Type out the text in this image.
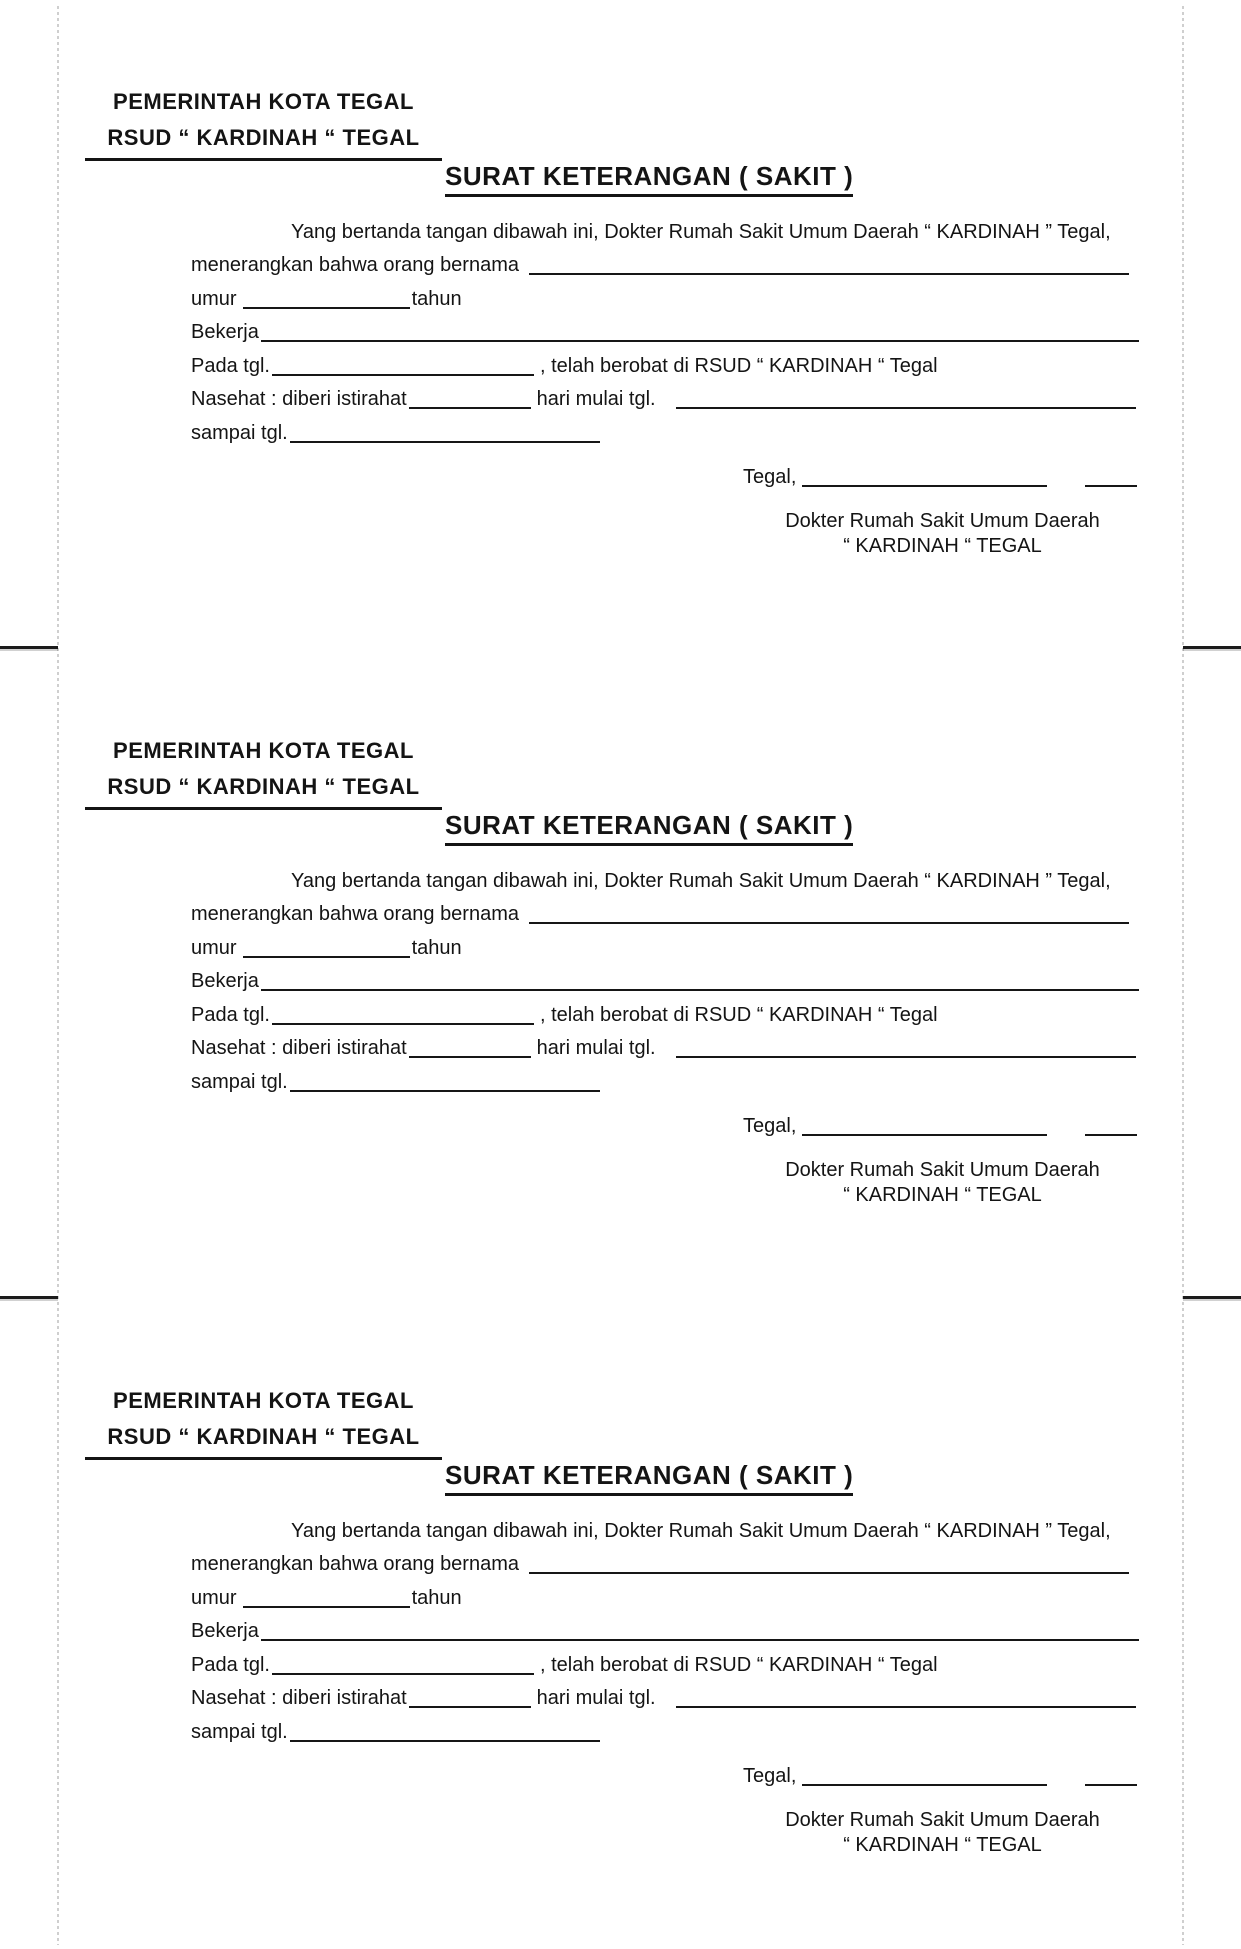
PEMERINTAH KOTA TEGAL
RSUD “ KARDINAH “ TEGAL
SURAT KETERANGAN ( SAKIT )
Yang bertanda tangan dibawah ini, Dokter Rumah Sakit Umum Daerah “ KARDINAH ” Tegal,
menerangkan bahwa orang bernama
umur	tahun
Bekerja
Pada tgl.	, telah berobat di RSUD “ KARDINAH “ Tegal
Nasehat : diberi istirahat	hari mulai tgl.
sampai tgl.
Tegal,
Dokter Rumah Sakit Umum Daerah
“ KARDINAH “ TEGAL
PEMERINTAH KOTA TEGAL
RSUD “ KARDINAH “ TEGAL
SURAT KETERANGAN ( SAKIT )
Yang bertanda tangan dibawah ini, Dokter Rumah Sakit Umum Daerah “ KARDINAH ” Tegal,
menerangkan bahwa orang bernama
umur	tahun
Bekerja
Pada tgl.	, telah berobat di RSUD “ KARDINAH “ Tegal
Nasehat : diberi istirahat	hari mulai tgl.
sampai tgl.
Tegal,
Dokter Rumah Sakit Umum Daerah
“ KARDINAH “ TEGAL
PEMERINTAH KOTA TEGAL
RSUD “ KARDINAH “ TEGAL
SURAT KETERANGAN ( SAKIT )
Yang bertanda tangan dibawah ini, Dokter Rumah Sakit Umum Daerah “ KARDINAH ” Tegal,
menerangkan bahwa orang bernama
umur	tahun
Bekerja
Pada tgl.	, telah berobat di RSUD “ KARDINAH “ Tegal
Nasehat : diberi istirahat	hari mulai tgl.
sampai tgl.
Tegal,
Dokter Rumah Sakit Umum Daerah
“ KARDINAH “ TEGAL
